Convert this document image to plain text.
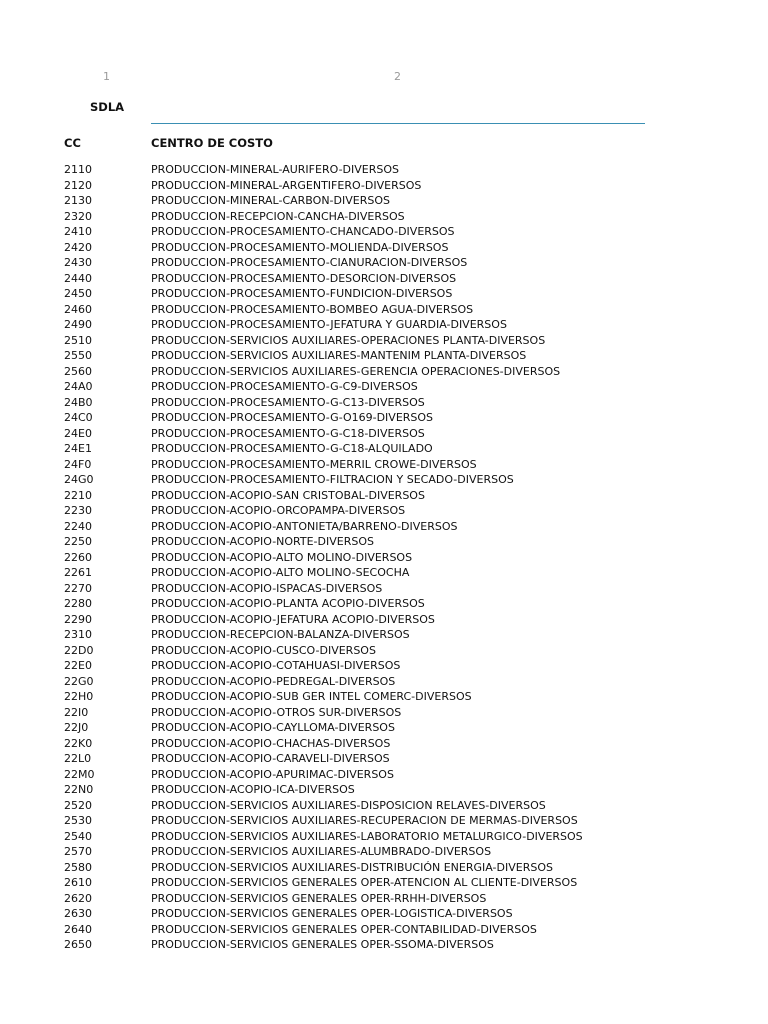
1	2
SDLA
CC	CENTRO DE COSTO
2110	PRODUCCION-MINERAL-AURIFERO-DIVERSOS
2120	PRODUCCION-MINERAL-ARGENTIFERO-DIVERSOS
2130	PRODUCCION-MINERAL-CARBON-DIVERSOS
2320	PRODUCCION-RECEPCION-CANCHA-DIVERSOS
2410	PRODUCCION-PROCESAMIENTO-CHANCADO-DIVERSOS
2420	PRODUCCION-PROCESAMIENTO-MOLIENDA-DIVERSOS
2430	PRODUCCION-PROCESAMIENTO-CIANURACION-DIVERSOS
2440	PRODUCCION-PROCESAMIENTO-DESORCION-DIVERSOS
2450	PRODUCCION-PROCESAMIENTO-FUNDICION-DIVERSOS
2460	PRODUCCION-PROCESAMIENTO-BOMBEO AGUA-DIVERSOS
2490	PRODUCCION-PROCESAMIENTO-JEFATURA Y GUARDIA-DIVERSOS
2510	PRODUCCION-SERVICIOS AUXILIARES-OPERACIONES PLANTA-DIVERSOS
2550	PRODUCCION-SERVICIOS AUXILIARES-MANTENIM PLANTA-DIVERSOS
2560	PRODUCCION-SERVICIOS AUXILIARES-GERENCIA OPERACIONES-DIVERSOS
24A0	PRODUCCION-PROCESAMIENTO-G-C9-DIVERSOS
24B0	PRODUCCION-PROCESAMIENTO-G-C13-DIVERSOS
24C0	PRODUCCION-PROCESAMIENTO-G-O169-DIVERSOS
24E0	PRODUCCION-PROCESAMIENTO-G-C18-DIVERSOS
24E1	PRODUCCION-PROCESAMIENTO-G-C18-ALQUILADO
24F0	PRODUCCION-PROCESAMIENTO-MERRIL CROWE-DIVERSOS
24G0	PRODUCCION-PROCESAMIENTO-FILTRACION Y SECADO-DIVERSOS
2210	PRODUCCION-ACOPIO-SAN CRISTOBAL-DIVERSOS
2230	PRODUCCION-ACOPIO-ORCOPAMPA-DIVERSOS
2240	PRODUCCION-ACOPIO-ANTONIETA/BARRENO-DIVERSOS
2250	PRODUCCION-ACOPIO-NORTE-DIVERSOS
2260	PRODUCCION-ACOPIO-ALTO MOLINO-DIVERSOS
2261	PRODUCCION-ACOPIO-ALTO MOLINO-SECOCHA
2270	PRODUCCION-ACOPIO-ISPACAS-DIVERSOS
2280	PRODUCCION-ACOPIO-PLANTA ACOPIO-DIVERSOS
2290	PRODUCCION-ACOPIO-JEFATURA ACOPIO-DIVERSOS
2310	PRODUCCION-RECEPCION-BALANZA-DIVERSOS
22D0	PRODUCCION-ACOPIO-CUSCO-DIVERSOS
22E0	PRODUCCION-ACOPIO-COTAHUASI-DIVERSOS
22G0	PRODUCCION-ACOPIO-PEDREGAL-DIVERSOS
22H0	PRODUCCION-ACOPIO-SUB GER INTEL COMERC-DIVERSOS
22I0	PRODUCCION-ACOPIO-OTROS SUR-DIVERSOS
22J0	PRODUCCION-ACOPIO-CAYLLOMA-DIVERSOS
22K0	PRODUCCION-ACOPIO-CHACHAS-DIVERSOS
22L0	PRODUCCION-ACOPIO-CARAVELI-DIVERSOS
22M0	PRODUCCION-ACOPIO-APURIMAC-DIVERSOS
22N0	PRODUCCION-ACOPIO-ICA-DIVERSOS
2520	PRODUCCION-SERVICIOS AUXILIARES-DISPOSICION RELAVES-DIVERSOS
2530	PRODUCCION-SERVICIOS AUXILIARES-RECUPERACION DE MERMAS-DIVERSOS
2540	PRODUCCION-SERVICIOS AUXILIARES-LABORATORIO METALURGICO-DIVERSOS
2570	PRODUCCION-SERVICIOS AUXILIARES-ALUMBRADO-DIVERSOS
2580	PRODUCCION-SERVICIOS AUXILIARES-DISTRIBUCIÓN ENERGIA-DIVERSOS
2610	PRODUCCION-SERVICIOS GENERALES OPER-ATENCION AL CLIENTE-DIVERSOS
2620	PRODUCCION-SERVICIOS GENERALES OPER-RRHH-DIVERSOS
2630	PRODUCCION-SERVICIOS GENERALES OPER-LOGISTICA-DIVERSOS
2640	PRODUCCION-SERVICIOS GENERALES OPER-CONTABILIDAD-DIVERSOS
2650	PRODUCCION-SERVICIOS GENERALES OPER-SSOMA-DIVERSOS
